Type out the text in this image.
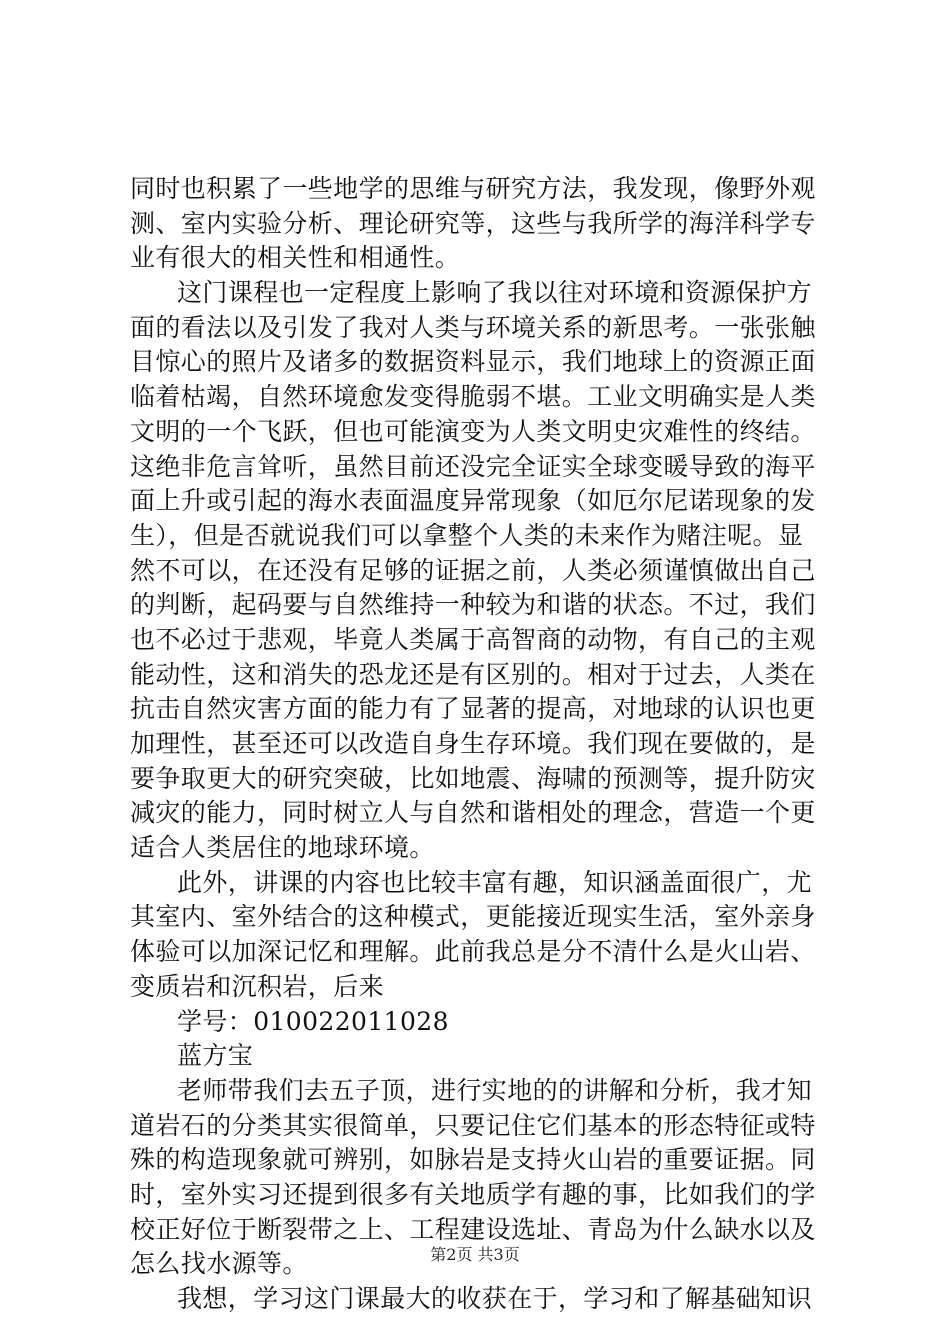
同时也积累了一些地学的思维与研究方法，我发现，像野外观
测、室内实验分析、理论研究等，这些与我所学的海洋科学专
业有很大的相关性和相通性。
这门课程也一定程度上影响了我以往对环境和资源保护方
面的看法以及引发了我对人类与环境关系的新思考。一张张触
目惊心的照片及诸多的数据资料显示，我们地球上的资源正面
临着枯竭，自然环境愈发变得脆弱不堪。工业文明确实是人类
文明的一个飞跃，但也可能演变为人类文明史灾难性的终结。
这绝非危言耸听，虽然目前还没完全证实全球变暖导致的海平
面上升或引起的海水表面温度异常现象（如厄尔尼诺现象的发
生），但是否就说我们可以拿整个人类的未来作为赌注呢。显
然不可以，在还没有足够的证据之前，人类必须谨慎做出自己
的判断，起码要与自然维持一种较为和谐的状态。不过，我们
也不必过于悲观，毕竟人类属于高智商的动物，有自己的主观
能动性，这和消失的恐龙还是有区别的。相对于过去，人类在
抗击自然灾害方面的能力有了显著的提高，对地球的认识也更
加理性，甚至还可以改造自身生存环境。我们现在要做的，是
要争取更大的研究突破，比如地震、海啸的预测等，提升防灾
减灾的能力，同时树立人与自然和谐相处的理念，营造一个更
适合人类居住的地球环境。
此外，讲课的内容也比较丰富有趣，知识涵盖面很广，尤
其室内、室外结合的这种模式，更能接近现实生活，室外亲身
体验可以加深记忆和理解。此前我总是分不清什么是火山岩、
变质岩和沉积岩，后来
学号：010022011028
蓝方宝
老师带我们去五子顶，进行实地的的讲解和分析，我才知
道岩石的分类其实很简单，只要记住它们基本的形态特征或特
殊的构造现象就可辨别，如脉岩是支持火山岩的重要证据。同
时，室外实习还提到很多有关地质学有趣的事，比如我们的学
校正好位于断裂带之上、工程建设选址、青岛为什么缺水以及
怎么找水源等。
我想，学习这门课最大的收获在于，学习和了解基础知识
第2页 共3页
